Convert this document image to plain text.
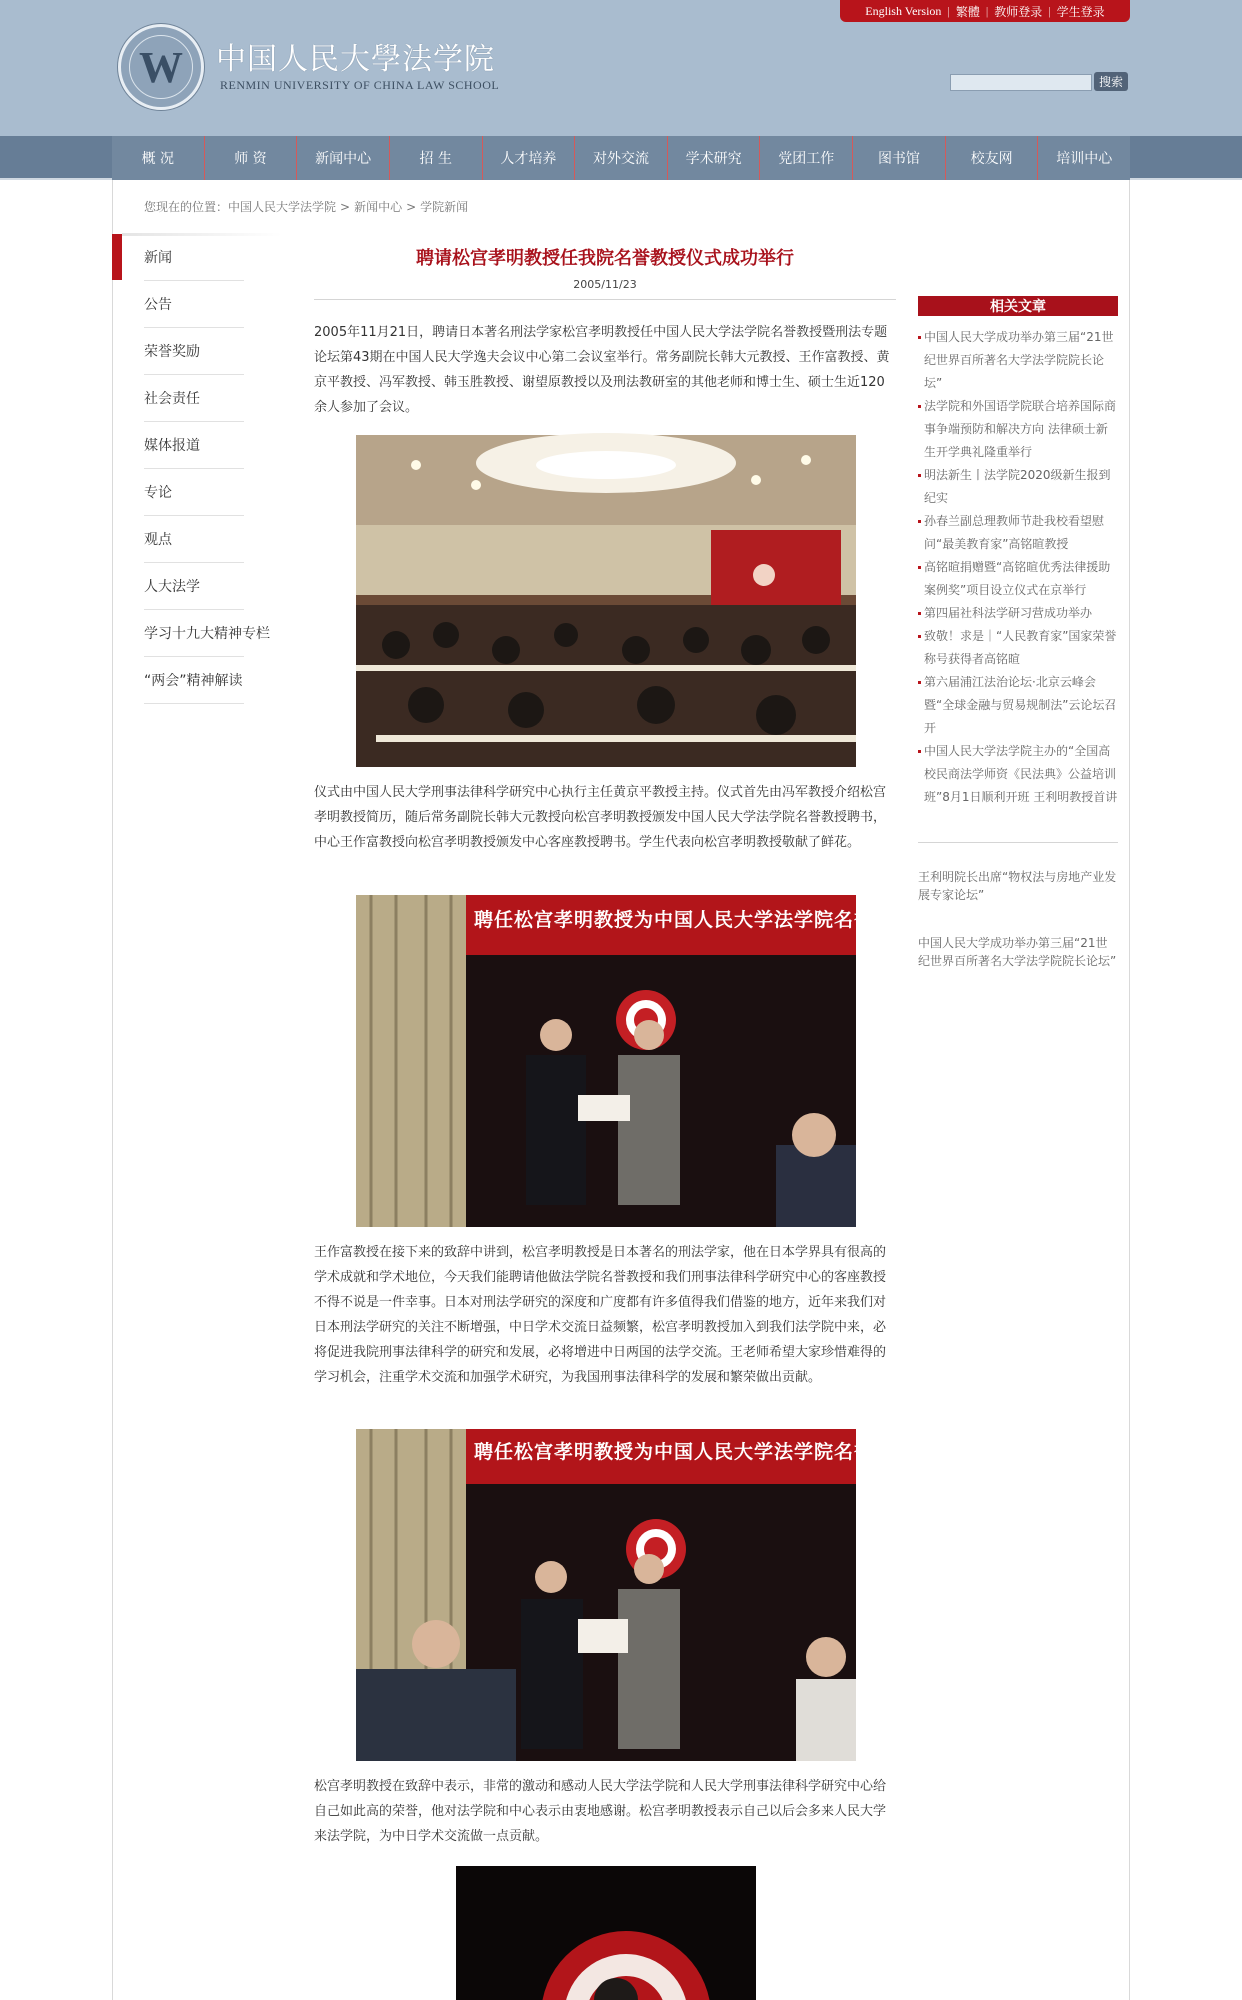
English Version | 繁體 | 教师登录 | 学生登录
W	中国人民大學法学院
RENMIN UNIVERSITY OF CHINA LAW SCHOOL	搜索
概 况	师 资	新闻中心	招 生	人才培养	对外交流	学术研究	党团工作	图书馆	校友网	培训中心
您现在的位置：中国人民大学法学院 > 新闻中心 > 学院新闻
新闻
公告
荣誉奖励
社会责任
媒体报道
专论
观点
人大法学
学习十九大精神专栏
“两会”精神解读
聘请松宫孝明教授任我院名誉教授仪式成功举行
2005/11/23
2005年11月21日，聘请日本著名刑法学家松宫孝明教授任中国人民大学法学院名誉教授暨刑法专题论坛第43期在中国人民大学逸夫会议中心第二会议室举行。常务副院长韩大元教授、王作富教授、黄京平教授、冯军教授、韩玉胜教授、谢望原教授以及刑法教研室的其他老师和博士生、硕士生近120余人参加了会议。
仪式由中国人民大学刑事法律科学研究中心执行主任黄京平教授主持。仪式首先由冯军教授介绍松宫孝明教授简历，随后常务副院长韩大元教授向松宫孝明教授颁发中国人民大学法学院名誉教授聘书，中心王作富教授向松宫孝明教授颁发中心客座教授聘书。学生代表向松宫孝明教授敬献了鲜花。
聘任松宫孝明教授为中国人民大学法学院名誉教授仪式
王作富教授在接下来的致辞中讲到，松宫孝明教授是日本著名的刑法学家，他在日本学界具有很高的学术成就和学术地位，今天我们能聘请他做法学院名誉教授和我们刑事法律科学研究中心的客座教授不得不说是一件幸事。日本对刑法学研究的深度和广度都有许多值得我们借鉴的地方，近年来我们对日本刑法学研究的关注不断增强，中日学术交流日益频繁，松宫孝明教授加入到我们法学院中来，必将促进我院刑事法律科学的研究和发展，必将增进中日两国的法学交流。王老师希望大家珍惜难得的学习机会，注重学术交流和加强学术研究，为我国刑事法律科学的发展和繁荣做出贡献。
聘任松宫孝明教授为中国人民大学法学院名誉教授仪式
松宫孝明教授在致辞中表示，非常的激动和感动人民大学法学院和人民大学刑事法律科学研究中心给自己如此高的荣誉，他对法学院和中心表示由衷地感谢。松宫孝明教授表示自己以后会多来人民大学来法学院，为中日学术交流做一点贡献。
相关文章
中国人民大学成功举办第三届“21世纪世界百所著名大学法学院院长论坛”
法学院和外国语学院联合培养国际商事争端预防和解决方向 法律硕士新生开学典礼隆重举行
明法新生丨法学院2020级新生报到纪实
孙春兰副总理教师节赴我校看望慰问“最美教育家”高铭暄教授
高铭暄捐赠暨“高铭暄优秀法律援助案例奖”项目设立仪式在京举行
第四届社科法学研习营成功举办
致敬！求是｜“人民教育家”国家荣誉称号获得者高铭暄
第六届浦江法治论坛·北京云峰会暨“全球金融与贸易规制法”云论坛召开
中国人民大学法学院主办的“全国高校民商法学师资《民法典》公益培训班”8月1日顺利开班 王利明教授首讲
王利明院长出席“物权法与房地产业发展专家论坛”
中国人民大学成功举办第三届“21世纪世界百所著名大学法学院院长论坛”
